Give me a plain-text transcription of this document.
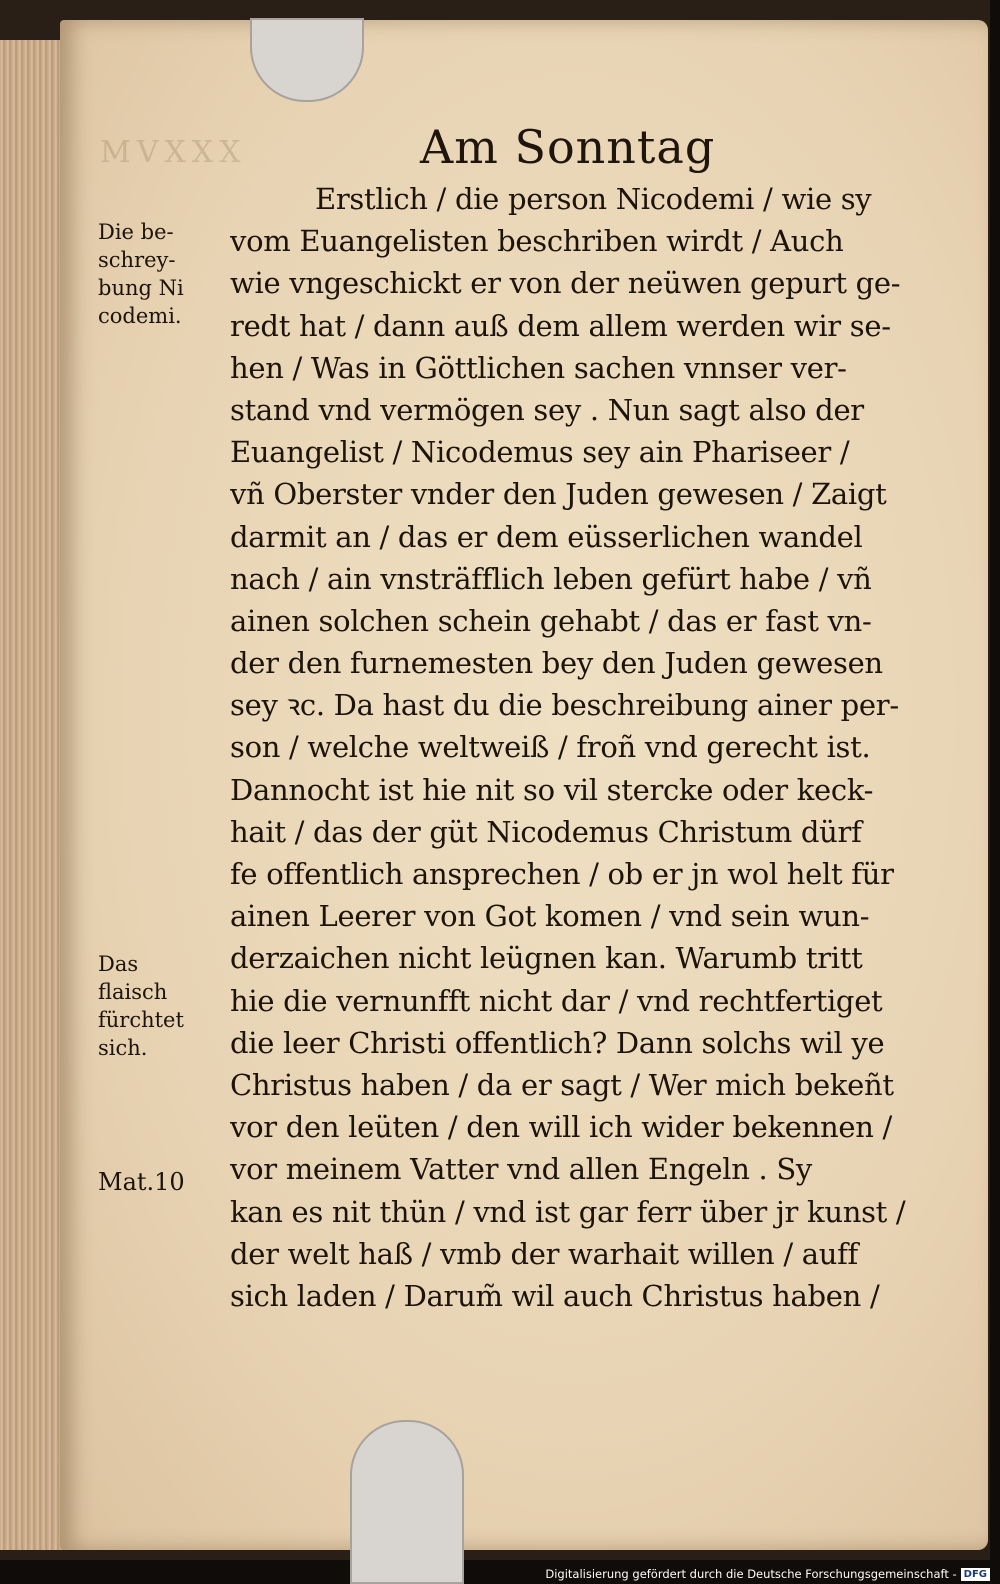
MVXXX	Am Sonntag
Erstlich / die person Nicodemi / wie sy
vom Euangelisten beschriben wirdt / Auch
wie vngeschickt er von der neüwen gepurt ge-
redt hat / dann auß dem allem werden wir se-
hen / Was in Göttlichen sachen vnnser ver-
stand vnd vermögen sey . Nun sagt also der
Euangelist / Nicodemus sey ain Phariseer /
vñ Oberster vnder den Juden gewesen / Zaigt
darmit an / das er dem eüsserlichen wandel
nach / ain vnsträfflich leben gefürt habe / vñ
ainen solchen schein gehabt / das er fast vn-
der den furnemesten bey den Juden gewesen
sey ꝛc. Da hast du die beschreibung ainer per-
son / welche weltweiß / froñ vnd gerecht ist.
Dannocht ist hie nit so vil stercke oder keck-
hait / das der güt Nicodemus Christum dürf
fe offentlich ansprechen / ob er jn wol helt für
ainen Leerer von Got komen / vnd sein wun-
derzaichen nicht leügnen kan. Warumb tritt
hie die vernunfft nicht dar / vnd rechtfertiget
die leer Christi offentlich? Dann solchs wil ye
Christus haben / da er sagt / Wer mich bekeñt
vor den leüten / den will ich wider bekennen /
vor meinem Vatter vnd allen Engeln . Sy
kan es nit thün / vnd ist gar ferr über jr kunst /
der welt haß / vmb der warhait willen / auff
sich laden / Darum̃ wil auch Christus haben /

Die be-
schrey-
bung Ni
codemi.

Das
flaisch
fürchtet
sich.

Mat.10

Digitalisierung gefördert durch die Deutsche Forschungsgemeinschaft - DFG
